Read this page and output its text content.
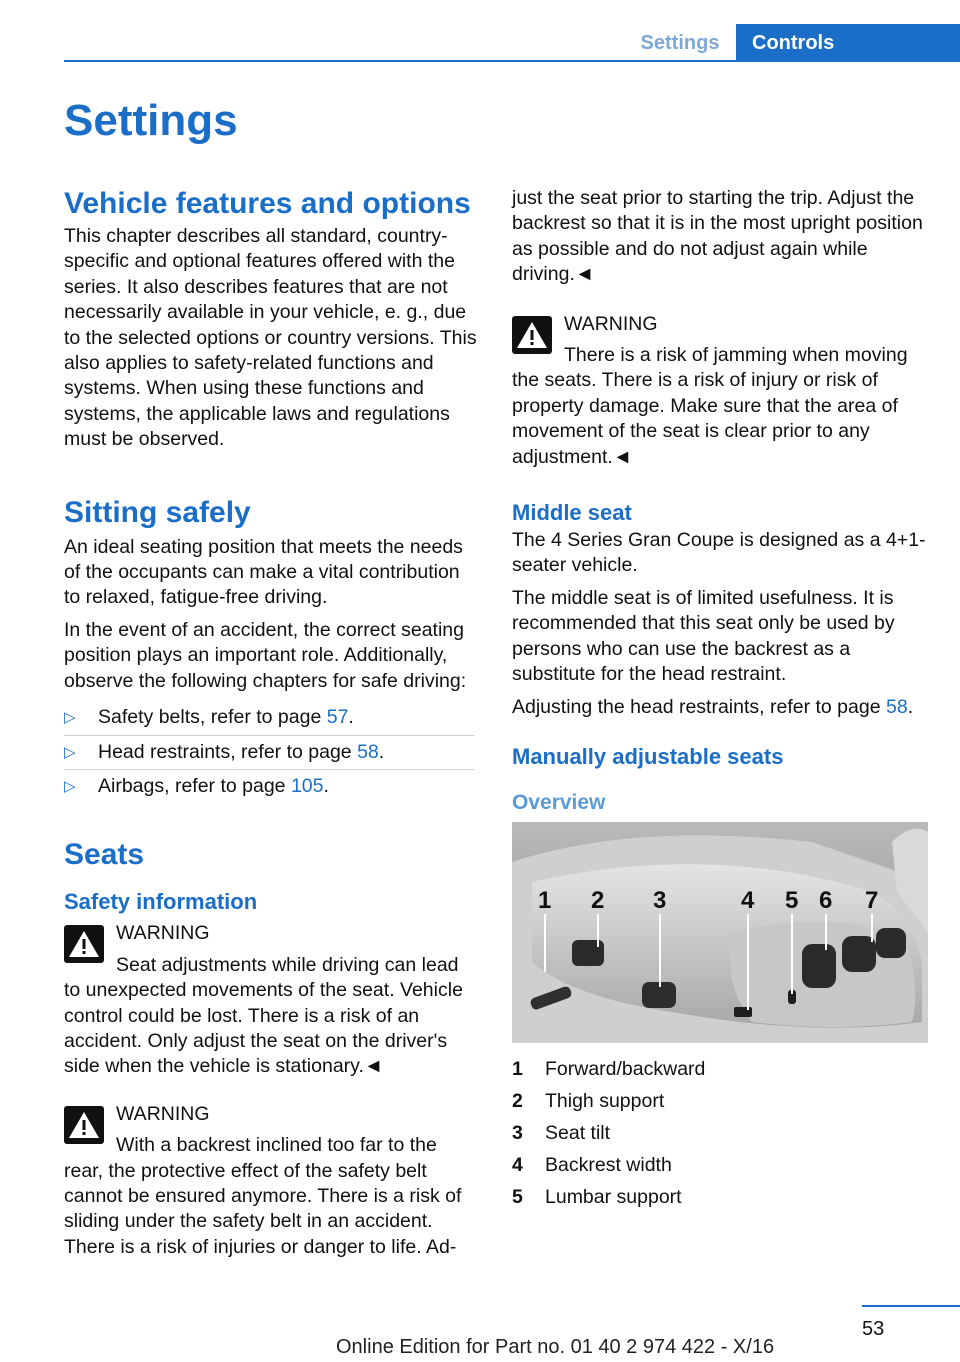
Settings	Controls
Settings
Vehicle features and options

This chapter describes all standard, country-specific and optional features offered with the series. It also describes features that are not necessarily available in your vehicle, e. g., due to the selected options or country versions. This also applies to safety-related functions and systems. When using these functions and systems, the applicable laws and regulations must be observed.

Sitting safely

An ideal seating position that meets the needs of the occupants can make a vital contribution to relaxed, fatigue-free driving.

In the event of an accident, the correct seating position plays an important role. Additionally, observe the following chapters for safe driving:

▷ Safety belts, refer to page 57.
▷ Head restraints, refer to page 58.
▷ Airbags, refer to page 105.
Seats
Safety information
WARNING
Seat adjustments while driving can lead to unexpected movements of the seat. Vehicle control could be lost. There is a risk of an accident. Only adjust the seat on the driver's side when the vehicle is stationary.◄
WARNING
With a backrest inclined too far to the rear, the protective effect of the safety belt cannot be ensured anymore. There is a risk of sliding under the safety belt in an accident. There is a risk of injuries or danger to life. Ad-

just the seat prior to starting the trip. Adjust the backrest so that it is in the most upright position as possible and do not adjust again while driving.◄

WARNING
There is a risk of jamming when moving the seats. There is a risk of injury or risk of property damage. Make sure that the area of movement of the seat is clear prior to any adjustment.◄
Middle seat

The 4 Series Gran Coupe is designed as a 4+1-seater vehicle.

The middle seat is of limited usefulness. It is recommended that this seat only be used by persons who can use the backrest as a substitute for the head restraint.

Adjusting the head restraints, refer to page 58.

Manually adjustable seats
Overview
1 2 3	4 5 6 7
1	Forward/backward
2	Thigh support
3	Seat tilt
4	Backrest width
5	Lumbar support
53
Online Edition for Part no. 01 40 2 974 422 - X/16
